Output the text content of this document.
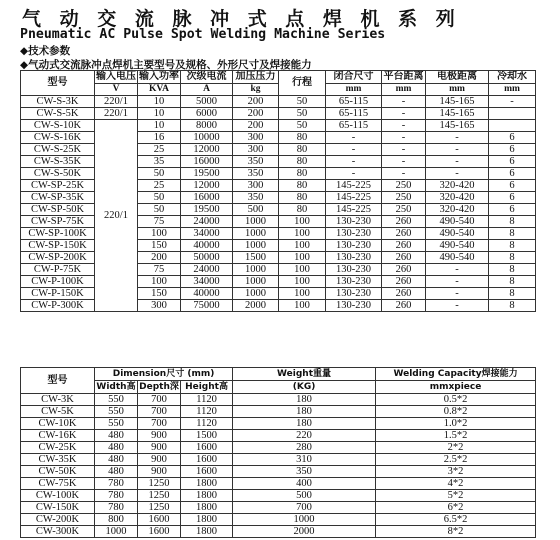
气 动 交 流 脉 冲 式 点 焊 机 系 列
Pneumatic AC Pulse Spot Welding Machine Series
◆技术参数
◆气动式交流脉冲点焊机主要型号及规格、外形尺寸及焊接能力
型号	输入电压	输入功率	次级电流	加压压力	行程	闭合尺寸	平台距离	电极距离	冷却水	
	V	KVA	A	kg		mm	mm	mm	mm	
CW-S-3K	220/1	10	5000	200	50	65-115	-	145-165	-	
CW-S-5K	220/1	10	6000	200	50	65-115	-	145-165		
CW-S-10K	220/1	10	8000	200	50	65-115	-	145-165		
CW-S-16K		16	10000	300	80	-	-	-	6	
CW-S-25K		25	12000	300	80	-	-	-	6	
CW-S-35K		35	16000	350	80	-	-	-	6	
CW-S-50K		50	19500	350	80	-	-	-	6	
CW-SP-25K		25	12000	300	80	145-225	250	320-420	6	
CW-SP-35K		50	16000	350	80	145-225	250	320-420	6	
CW-SP-50K		50	19500	500	80	145-225	250	320-420	6	
CW-SP-75K		75	24000	1000	100	130-230	260	490-540	8	
CW-SP-100K		100	34000	1000	100	130-230	260	490-540	8	
CW-SP-150K		150	40000	1000	100	130-230	260	490-540	8	
CW-SP-200K		200	50000	1500	100	130-230	260	490-540	8	
CW-P-75K		75	24000	1000	100	130-230	260	-	8	
CW-P-100K		100	34000	1000	100	130-230	260	-	8	
CW-P-150K		150	40000	1000	100	130-230	260	-	8	
CW-P-300K		300	75000	2000	100	130-230	260	-	8	
型号	Dimension尺寸 (mm)			Weight重量	Welding Capacity焊接能力
	Width高	Depth深	Height高	(KG)	mmxpiece
CW-3K	550	700	1120	180	0.5*2
CW-5K	550	700	1120	180	0.8*2
CW-10K	550	700	1120	180	1.0*2
CW-16K	480	900	1500	220	1.5*2
CW-25K	480	900	1600	280	2*2
CW-35K	480	900	1600	310	2.5*2
CW-50K	480	900	1600	350	3*2
CW-75K	780	1250	1800	400	4*2
CW-100K	780	1250	1800	500	5*2
CW-150K	780	1250	1800	700	6*2
CW-200K	800	1600	1800	1000	6.5*2
CW-300K	1000	1600	1800	2000	8*2
